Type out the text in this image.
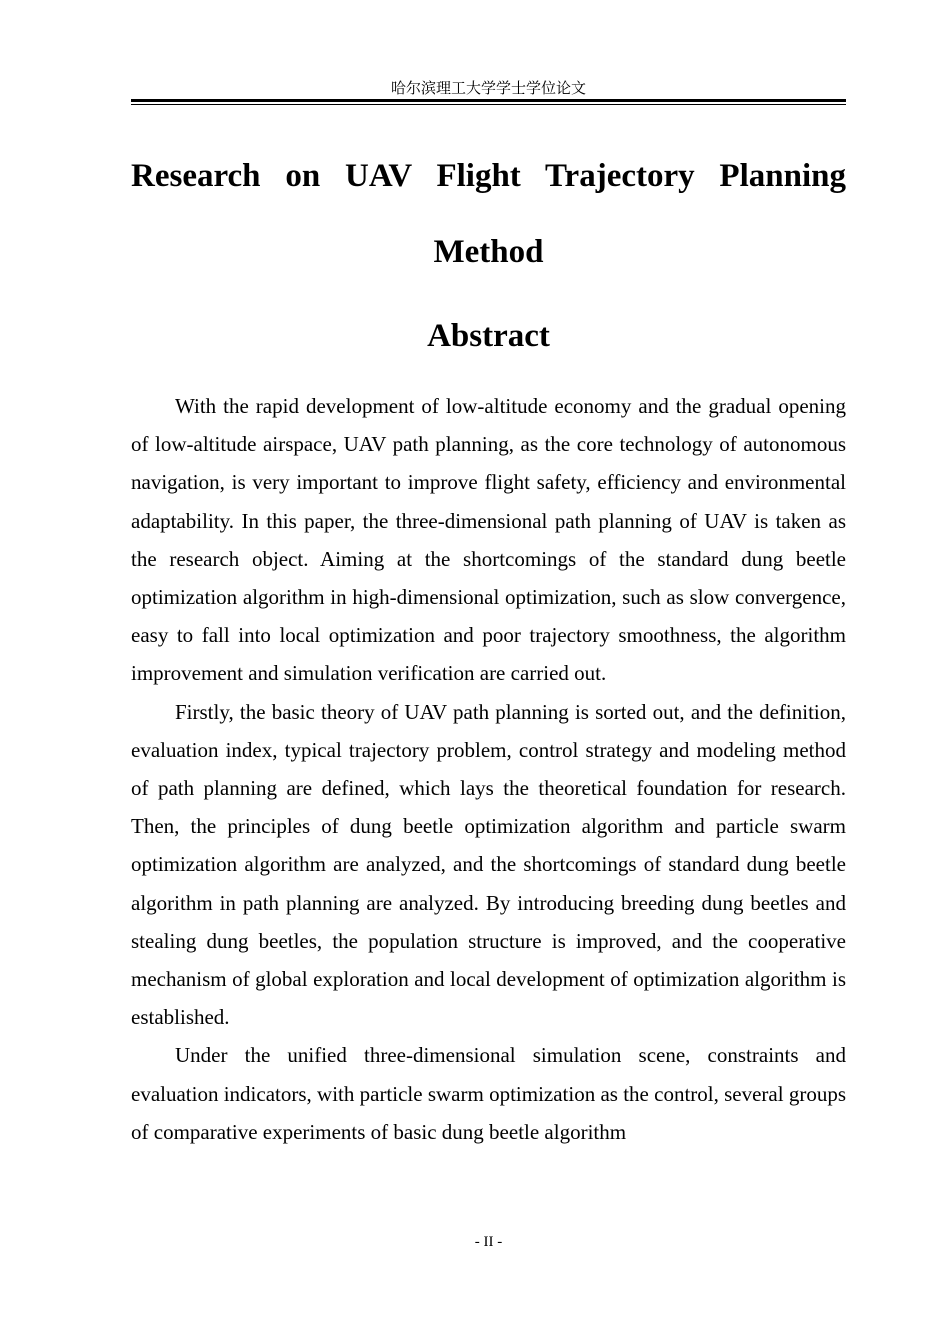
哈尔滨理工大学学士学位论文
Research on UAV Flight Trajectory Planning
Method
Abstract

With the rapid development of low-altitude economy and the gradual opening of low-altitude airspace, UAV path planning, as the core technology of autonomous navigation, is very important to improve flight safety, efficiency and environmental adaptability. In this paper, the three-dimensional path planning of UAV is taken as the research object. Aiming at the shortcomings of the standard dung beetle optimization algorithm in high-dimensional optimization, such as slow convergence, easy to fall into local optimization and poor trajectory smoothness, the algorithm improvement and simulation verification are carried out.

Firstly, the basic theory of UAV path planning is sorted out, and the definition, evaluation index, typical trajectory problem, control strategy and modeling method of path planning are defined, which lays the theoretical foundation for research. Then, the principles of dung beetle optimization algorithm and particle swarm optimization algorithm are analyzed, and the shortcomings of standard dung beetle algorithm in path planning are analyzed. By introducing breeding dung beetles and stealing dung beetles, the population structure is improved, and the cooperative mechanism of global exploration and local development of optimization algorithm is established.

Under the unified three-dimensional simulation scene, constraints and evaluation indicators, with particle swarm optimization as the control, several groups of comparative experiments of basic dung beetle algorithm

- II -
